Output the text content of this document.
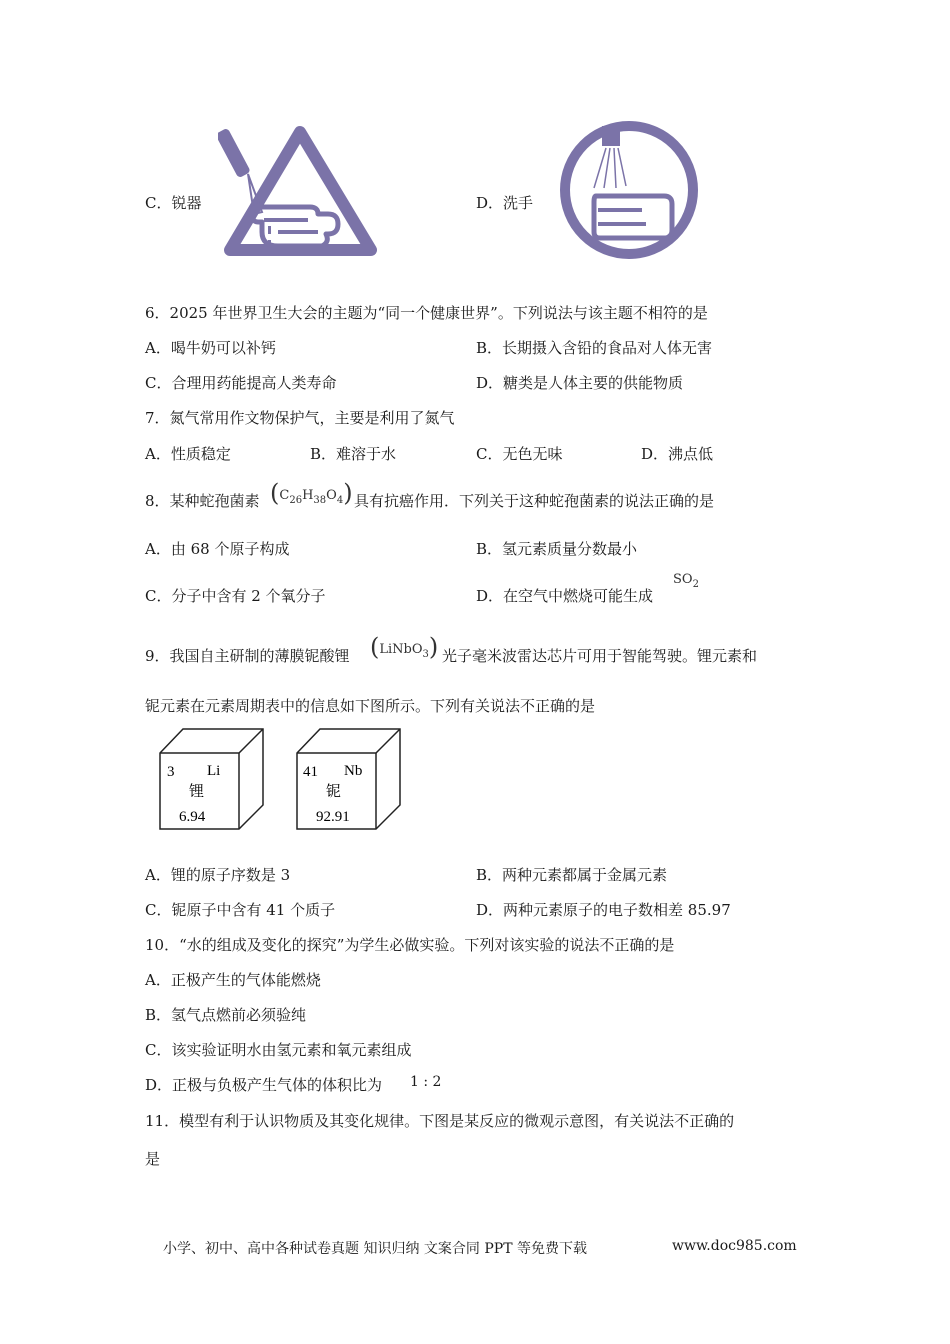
C．锐器	D．洗手
6．2025 年世界卫生大会的主题为“同一个健康世界”。下列说法与该主题不相符的是
A．喝牛奶可以补钙	B．长期摄入含铅的食品对人体无害
C．合理用药能提高人类寿命	D．糖类是人体主要的供能物质
7．氮气常用作文物保护气，主要是利用了氮气
A．性质稳定	B．难溶于水	C．无色无味	D．沸点低
8．某种蛇孢菌素 $(C_{26}H_{38}O_4)$ 具有抗癌作用．下列关于这种蛇孢菌素的说法正确的是
A．由 68 个原子构成	B．氢元素质量分数最小
C．分子中含有 2 个氧分子	D．在空气中燃烧可能生成
$SO_2$
9．我国自主研制的薄膜铌酸锂 (LiNbO$_3$) 光子毫米波雷达芯片可用于智能驾驶。锂元素和
铌元素在元素周期表中的信息如下图所示。下列有关说法不正确的是
3 Li
锂
6.94
41 Nb
铌
92.91
A．锂的原子序数是 3	B．两种元素都属于金属元素
C．铌原子中含有 41 个质子	D．两种元素原子的电子数相差 85.97
10．“水的组成及变化的探究”为学生必做实验。下列对该实验的说法不正确的是
A．正极产生的气体能燃烧
B．氢气点燃前必须验纯
C．该实验证明水由氢元素和氧元素组成
D．正极与负极产生气体的体积比为 1 : 2
11．模型有利于认识物质及其变化规律。下图是某反应的微观示意图，有关说法不正确的
是
小学、初中、高中各种试卷真题 知识归纳 文案合同 PPT 等免费下载	www.doc985.com
